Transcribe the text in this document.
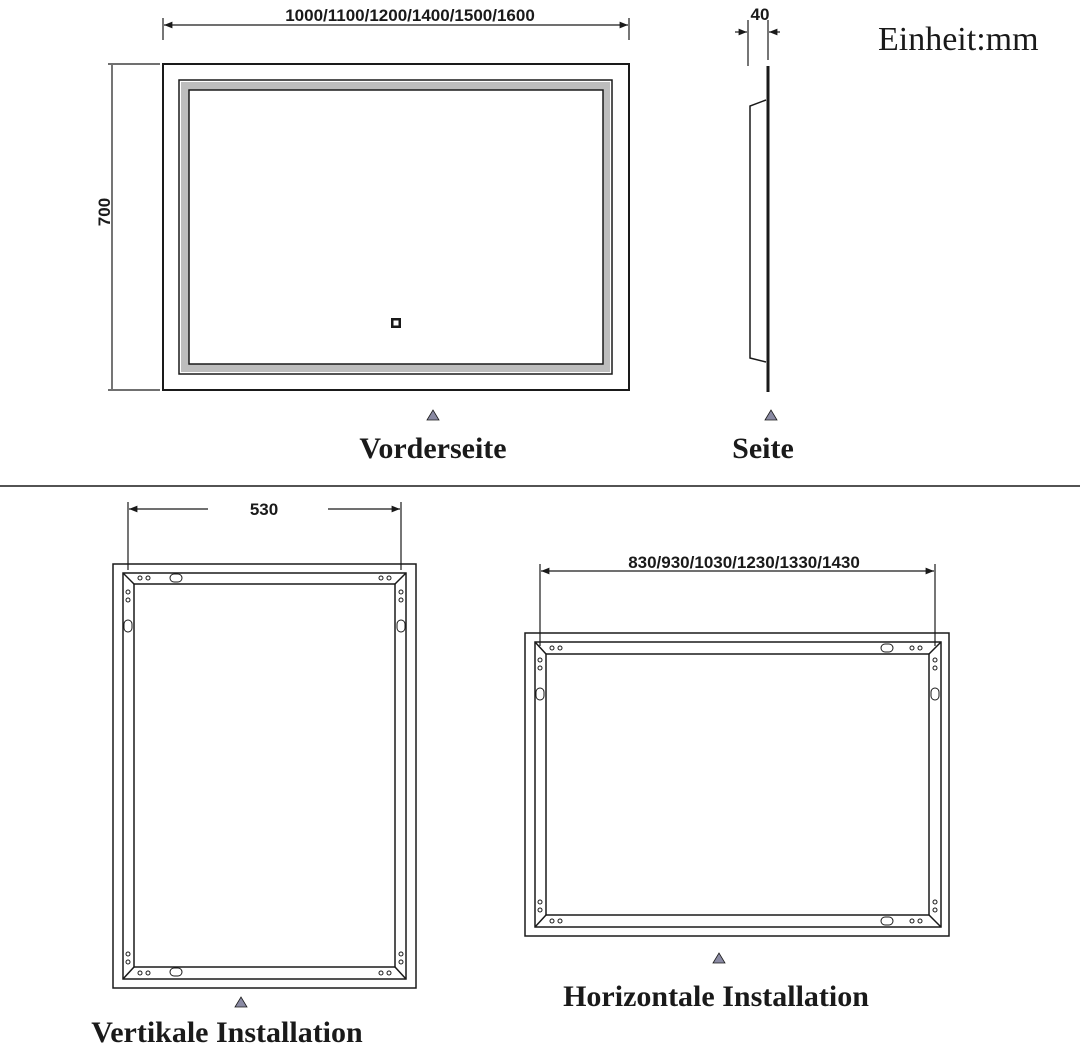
Einheit:mm
1000/1100/1200/1400/1500/1600
700
Vorderseite
40
Seite
530
Vertikale Installation
830/930/1030/1230/1330/1430
Horizontale Installation
